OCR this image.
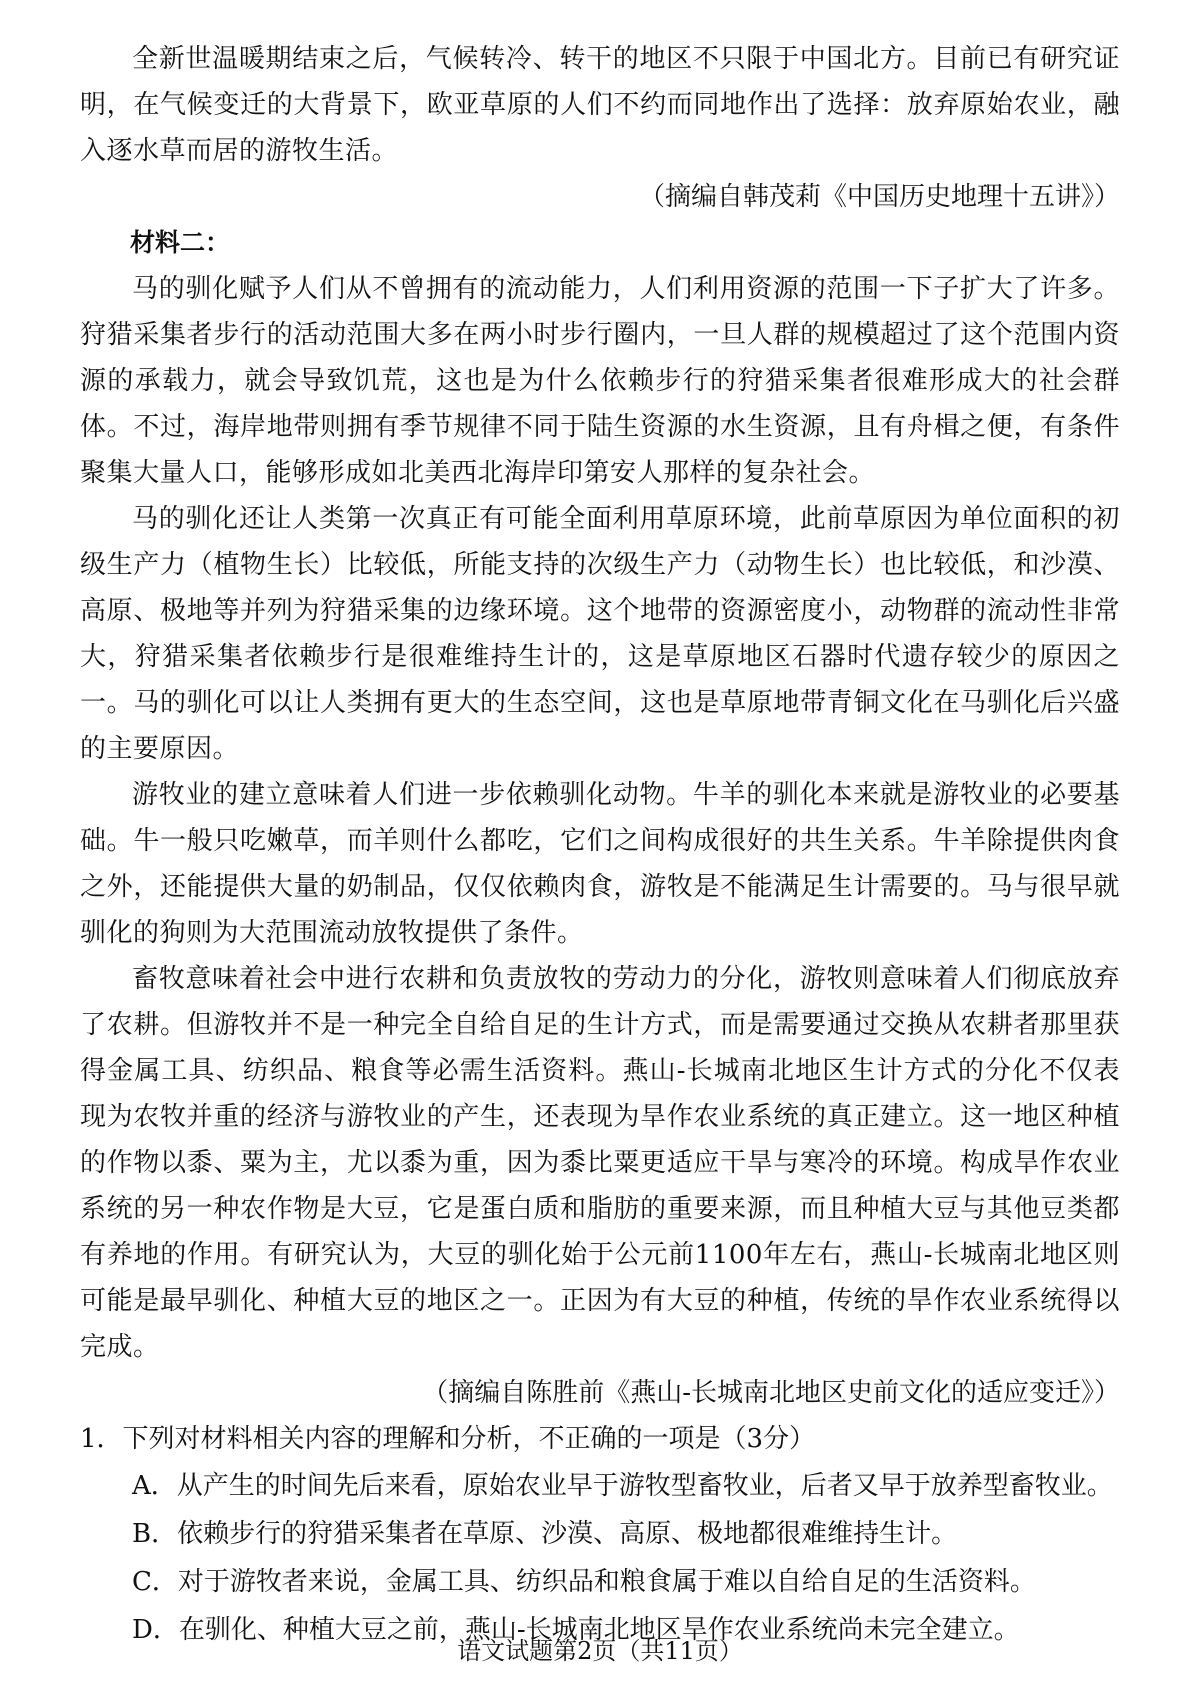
全新世温暖期结束之后，气候转冷、转干的地区不只限于中国北方。目前已有研究证明，在气候变迁的大背景下，欧亚草原的人们不约而同地作出了选择：放弃原始农业，融入逐水草而居的游牧生活。

（摘编自韩茂莉《中国历史地理十五讲》）

材料二：

马的驯化赋予人们从不曾拥有的流动能力，人们利用资源的范围一下子扩大了许多。狩猎采集者步行的活动范围大多在两小时步行圈内，一旦人群的规模超过了这个范围内资源的承载力，就会导致饥荒，这也是为什么依赖步行的狩猎采集者很难形成大的社会群体。不过，海岸地带则拥有季节规律不同于陆生资源的水生资源，且有舟楫之便，有条件聚集大量人口，能够形成如北美西北海岸印第安人那样的复杂社会。

马的驯化还让人类第一次真正有可能全面利用草原环境，此前草原因为单位面积的初级生产力（植物生长）比较低，所能支持的次级生产力（动物生长）也比较低，和沙漠、高原、极地等并列为狩猎采集的边缘环境。这个地带的资源密度小，动物群的流动性非常大，狩猎采集者依赖步行是很难维持生计的，这是草原地区石器时代遗存较少的原因之一。马的驯化可以让人类拥有更大的生态空间，这也是草原地带青铜文化在马驯化后兴盛的主要原因。

游牧业的建立意味着人们进一步依赖驯化动物。牛羊的驯化本来就是游牧业的必要基础。牛一般只吃嫩草，而羊则什么都吃，它们之间构成很好的共生关系。牛羊除提供肉食之外，还能提供大量的奶制品，仅仅依赖肉食，游牧是不能满足生计需要的。马与很早就驯化的狗则为大范围流动放牧提供了条件。

畜牧意味着社会中进行农耕和负责放牧的劳动力的分化，游牧则意味着人们彻底放弃了农耕。但游牧并不是一种完全自给自足的生计方式，而是需要通过交换从农耕者那里获得金属工具、纺织品、粮食等必需生活资料。燕山-长城南北地区生计方式的分化不仅表现为农牧并重的经济与游牧业的产生，还表现为旱作农业系统的真正建立。这一地区种植的作物以黍、粟为主，尤以黍为重，因为黍比粟更适应干旱与寒冷的环境。构成旱作农业系统的另一种农作物是大豆，它是蛋白质和脂肪的重要来源，而且种植大豆与其他豆类都有养地的作用。有研究认为，大豆的驯化始于公元前1100年左右，燕山-长城南北地区则可能是最早驯化、种植大豆的地区之一。正因为有大豆的种植，传统的旱作农业系统得以完成。

（摘编自陈胜前《燕山-长城南北地区史前文化的适应变迁》）

1．下列对材料相关内容的理解和分析，不正确的一项是（3分）

A．从产生的时间先后来看，原始农业早于游牧型畜牧业，后者又早于放养型畜牧业。

B．依赖步行的狩猎采集者在草原、沙漠、高原、极地都很难维持生计。

C．对于游牧者来说，金属工具、纺织品和粮食属于难以自给自足的生活资料。

D．在驯化、种植大豆之前，燕山-长城南北地区旱作农业系统尚未完全建立。

语文试题第2页（共11页）
